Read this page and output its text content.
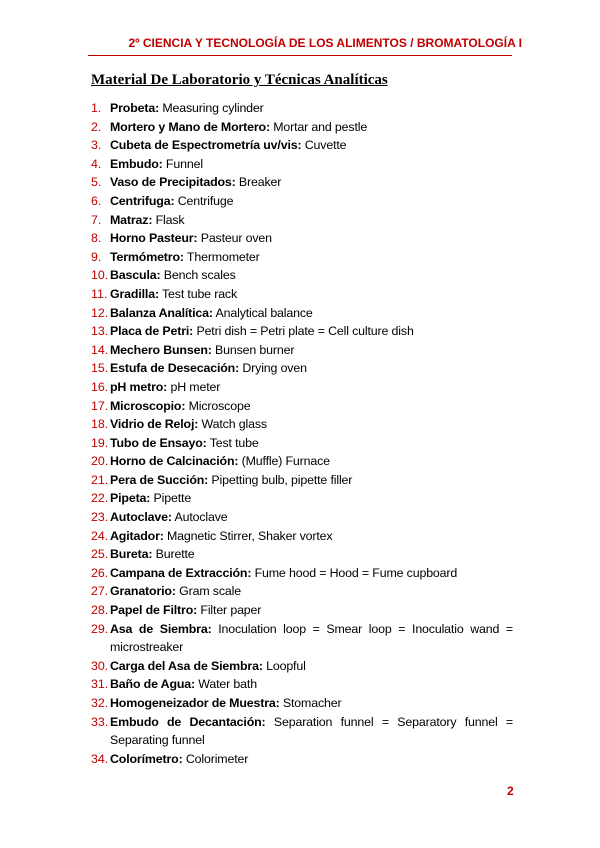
2º CIENCIA Y TECNOLOGÍA DE LOS ALIMENTOS / BROMATOLOGÍA I
Material De Laboratorio y Técnicas Analíticas
1. Probeta: Measuring cylinder
2. Mortero y Mano de Mortero: Mortar and pestle
3. Cubeta de Espectrometría uv/vis: Cuvette
4. Embudo: Funnel
5. Vaso de Precipitados: Breaker
6. Centrifuga: Centrifuge
7. Matraz: Flask
8. Horno Pasteur: Pasteur oven
9. Termómetro: Thermometer
10. Bascula: Bench scales
11. Gradilla: Test tube rack
12. Balanza Analítica: Analytical balance
13. Placa de Petri: Petri dish = Petri plate = Cell culture dish
14. Mechero Bunsen: Bunsen burner
15. Estufa de Desecación: Drying oven
16. pH metro: pH meter
17. Microscopio: Microscope
18. Vidrio de Reloj: Watch glass
19. Tubo de Ensayo: Test tube
20. Horno de Calcinación: (Muffle) Furnace
21. Pera de Succión: Pipetting bulb, pipette filler
22. Pipeta: Pipette
23. Autoclave: Autoclave
24. Agitador: Magnetic Stirrer, Shaker vortex
25. Bureta: Burette
26. Campana de Extracción: Fume hood = Hood = Fume cupboard
27. Granatorio: Gram scale
28. Papel de Filtro: Filter paper
29. Asa de Siembra: Inoculation loop = Smear loop = Inoculatio wand = microstreaker
30. Carga del Asa de Siembra: Loopful
31. Baño de Agua: Water bath
32. Homogeneizador de Muestra: Stomacher
33. Embudo de Decantación: Separation funnel = Separatory funnel = Separating funnel
34. Colorímetro: Colorimeter
2
